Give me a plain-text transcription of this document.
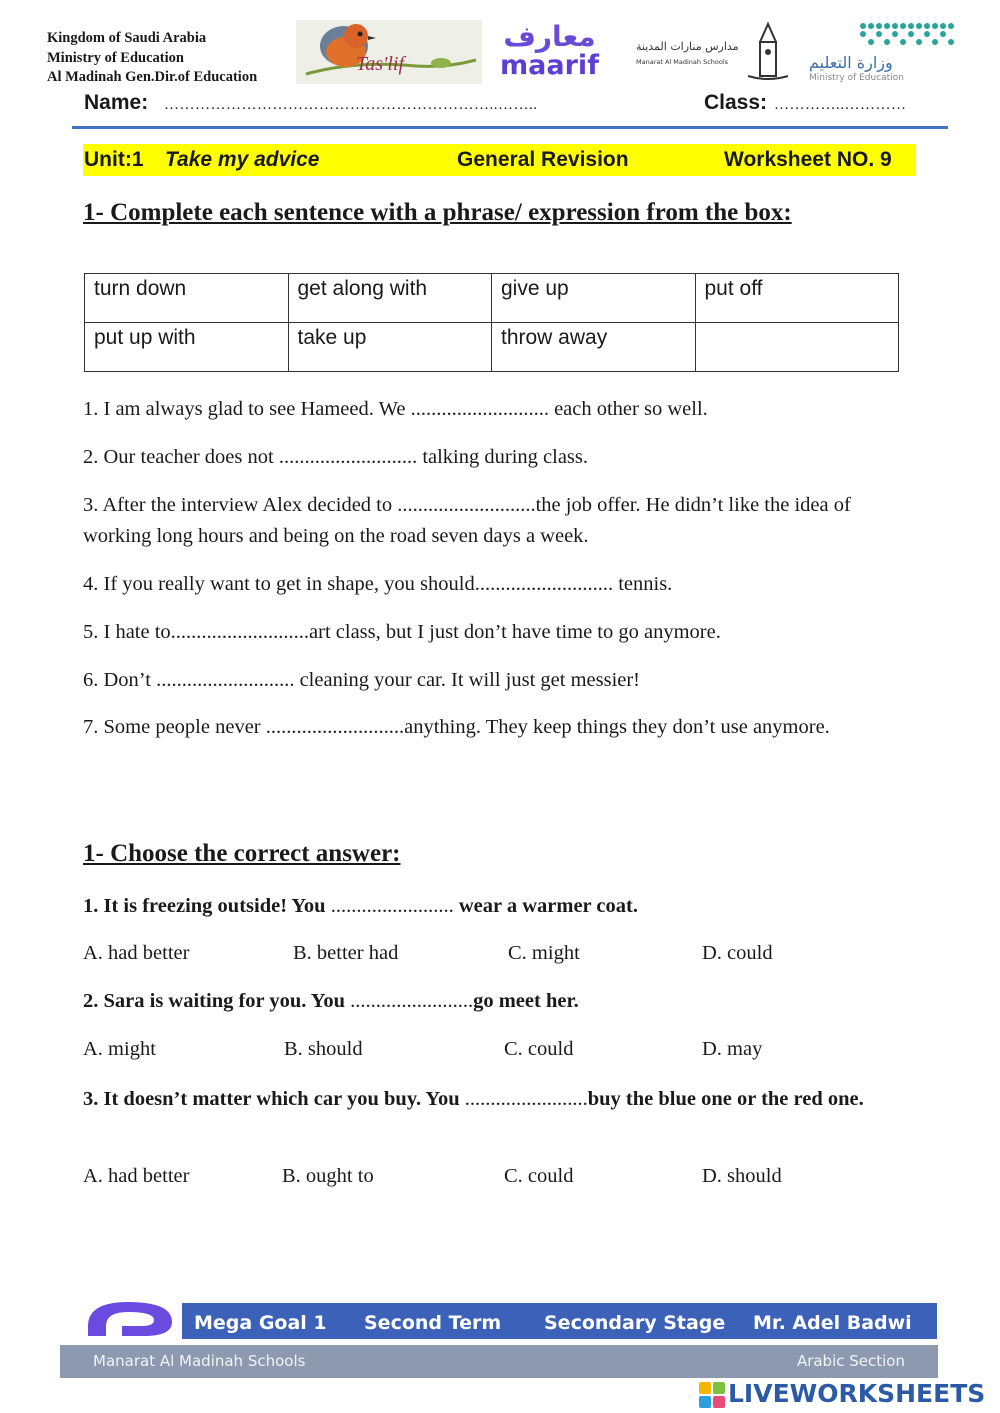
Kingdom of Saudi Arabia
Ministry of Education
Al Madinah Gen.Dir.of Education
Tas'lif
معارف
maarif
مدارس منارات المدينة
Manarat Al Madinah Schools	وزارة التعليم
Ministry of Education
Name: ………………………………………………………..……..	Class: …………..…………
Unit:1 Take my advice	General Revision	Worksheet NO. 9
1- Complete each sentence with a phrase/ expression from the box:
turn down	get along with	give up	put off
put up with	take up	throw away	
1. I am always glad to see Hameed. We ........................... each other so well.
2. Our teacher does not ........................... talking during class.
3. After the interview Alex decided to ...........................the job offer. He didn’t like the idea of working long hours and being on the road seven days a week.
4. If you really want to get in shape, you should........................... tennis.
5. I hate to...........................art class, but I just don’t have time to go anymore.
6. Don’t ........................... cleaning your car. It will just get messier!
7. Some people never ...........................anything. They keep things they don’t use anymore.
1- Choose the correct answer:
1. It is freezing outside! You ........................ wear a warmer coat.
A. had better	B. better had	C. might	D. could
2. Sara is waiting for you. You ........................go meet her.
A. might	B. should	C. could	D. may
3. It doesn’t matter which car you buy. You ........................buy the blue one or the red one.
A. had better	B. ought to	C. could	D. should
Mega Goal 1 Second Term Secondary Stage Mr. Adel Badwi
Manarat Al Madinah Schools	Arabic Section
LIVEWORKSHEETS
